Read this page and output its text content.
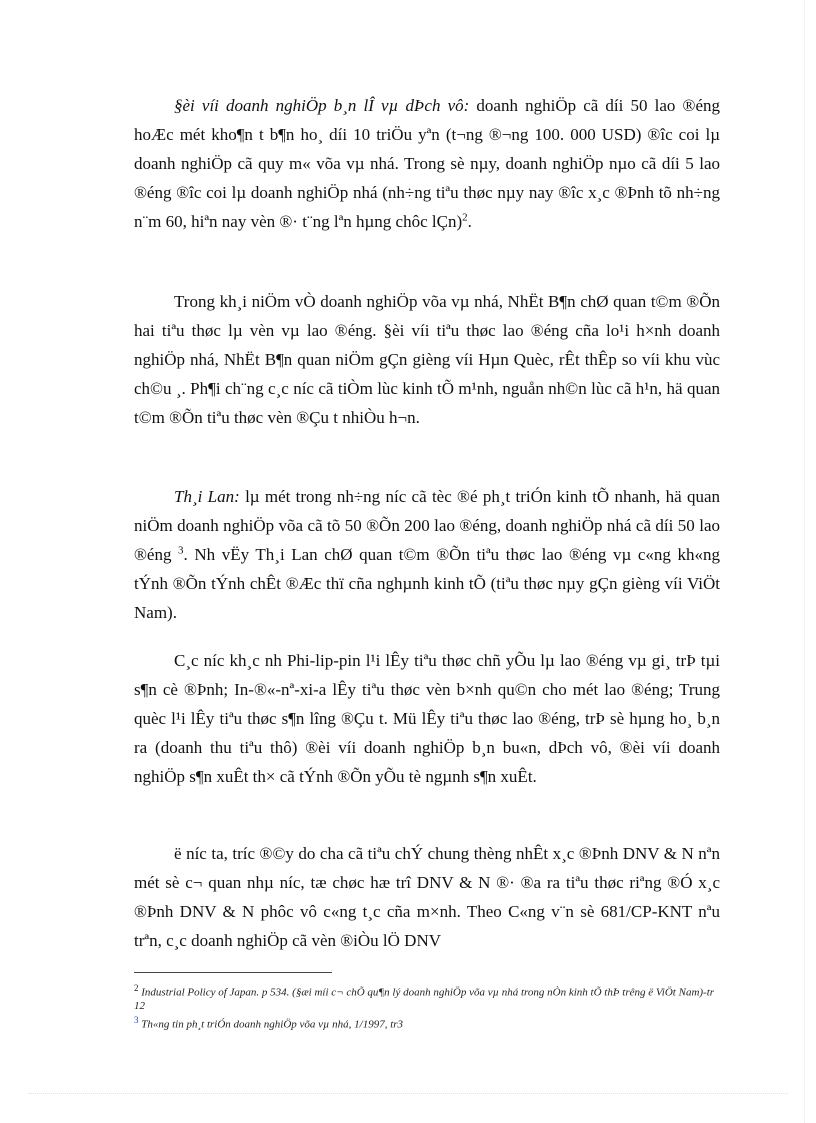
§èi víi doanh nghiÖp b¸n lÎ vµ dÞch vô: doanh nghiÖp cã díi 50 lao ®éng hoÆc mét kho¶n t b¶n ho¸ díi 10 triÖu yªn (t¬ng ®¬ng 100. 000 USD) ®îc coi lµ doanh nghiÖp cã quy m« võa vµ nhá. Trong sè nµy, doanh nghiÖp nµo cã díi 5 lao ®éng ®îc coi lµ doanh nghiÖp nhá (nh÷ng tiªu thøc nµy nay ®îc x¸c ®Þnh tõ nh÷ng n¨m 60, hiªn nay vèn ®· t¨ng lªn hµng chôc lÇn)$^2$.

Trong kh¸i niÖm vÒ doanh nghiÖp võa vµ nhá, NhËt B¶n chØ quan t©m ®Õn hai tiªu thøc lµ vèn vµ lao ®éng. §èi víi tiªu thøc lao ®éng cña lo¹i h×nh doanh nghiÖp nhá, NhËt B¶n quan niÖm gÇn gièng víi Hµn Quèc, rÊt thÊp so víi khu vùc ch©u ¸. Ph¶i ch¨ng c¸c níc cã tiÒm lùc kinh tÕ m¹nh, nguån nh©n lùc cã h¹n, hä quan t©m ®Õn tiªu thøc vèn ®Çu t nhiÒu h¬n.

Th¸i Lan: lµ mét trong nh÷ng níc cã tèc ®é ph¸t triÓn kinh tÕ nhanh, hä quan niÖm doanh nghiÖp võa cã tõ 50 ®Õn 200 lao ®éng, doanh nghiÖp nhá cã díi 50 lao ®éng $^3$. Nh vËy Th¸i Lan chØ quan t©m ®Õn tiªu thøc lao ®éng vµ c«ng kh«ng tÝnh ®Õn tÝnh chÊt ®Æc thï cña nghµnh kinh tÕ (tiªu thøc nµy gÇn gièng víi ViÖt Nam).

C¸c níc kh¸c nh Phi-lip-pin l¹i lÊy tiªu thøc chñ yÕu lµ lao ®éng vµ gi¸ trÞ tµi s¶n cè ®Þnh; In-®«-nª-xi-a lÊy tiªu thøc vèn b×nh qu©n cho mét lao ®éng; Trung quèc l¹i lÊy tiªu thøc s¶n lîng ®Çu t. Mü lÊy tiªu thøc lao ®éng, trÞ sè hµng ho¸ b¸n ra (doanh thu tiªu thô) ®èi víi doanh nghiÖp b¸n bu«n, dÞch vô, ®èi víi doanh nghiÖp s¶n xuÊt th× cã tÝnh ®Õn yÕu tè ngµnh s¶n xuÊt.

ë níc ta, tríc ®©y do cha cã tiªu chÝ chung thèng nhÊt x¸c ®Þnh DNV & N nªn mét sè c¬ quan nhµ níc, tæ chøc hæ trî DNV & N ®· ®a ra tiªu thøc riªng ®Ó x¸c ®Þnh DNV & N phôc vô c«ng t¸c cña m×nh. Theo C«ng v¨n sè 681/CP-KNT nªu trªn, c¸c doanh nghiÖp cã vèn ®iÒu lÖ DNV

$^2$ Industrial Policy of Japan. p 534. (§æi míi c¬ chÕ qu¶n lý doanh nghiÖp võa vµ nhá trong nÒn kinh tÕ thÞ trêng ë ViÖt Nam)-tr 12

$^3$ Th«ng tin ph¸t triÓn doanh nghiÖp võa vµ nhá, 1/1997, tr3
